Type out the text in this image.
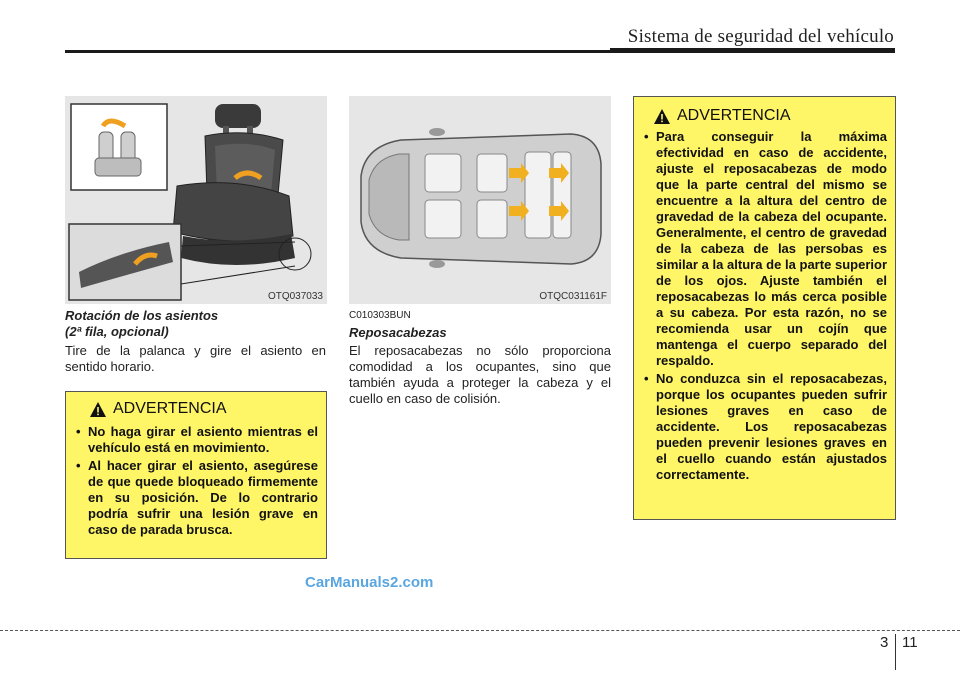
Sistema de seguridad del vehículo
OTQ037033
Rotación de los asientos
(2ª fila, opcional)
Tire de la palanca y gire el asiento en sentido horario.
ADVERTENCIA
• No haga girar el asiento mientras el vehículo está en movimiento.
• Al hacer girar el asiento, asegúrese de que quede bloqueado firmemente en su posición. De lo contrario podría sufrir una lesión grave en caso de parada brusca.
OTQC031161F
C010303BUN
Reposacabezas
El reposacabezas no sólo proporciona comodidad a los ocupantes, sino que también ayuda a proteger la cabeza y el cuello en caso de colisión.
ADVERTENCIA
• Para conseguir la máxima efectividad en caso de accidente, ajuste el reposacabezas de modo que la parte central del mismo se encuentre a la altura del centro de gravedad de la cabeza del ocupante. Generalmente, el centro de gravedad de la cabeza de las persobas es similar a la altura de la parte superior de los ojos. Ajuste también el reposacabezas lo más cerca posible a su cabeza. Por esta razón, no se recomienda usar un cojín que mantenga el cuerpo separado del respaldo.
• No conduzca sin el reposacabezas, porque los ocupantes pueden sufrir lesiones graves en caso de accidente. Los reposacabezas pueden prevenir lesiones graves en el cuello cuando están ajustados correctamente.
CarManuals2.com
3 11
